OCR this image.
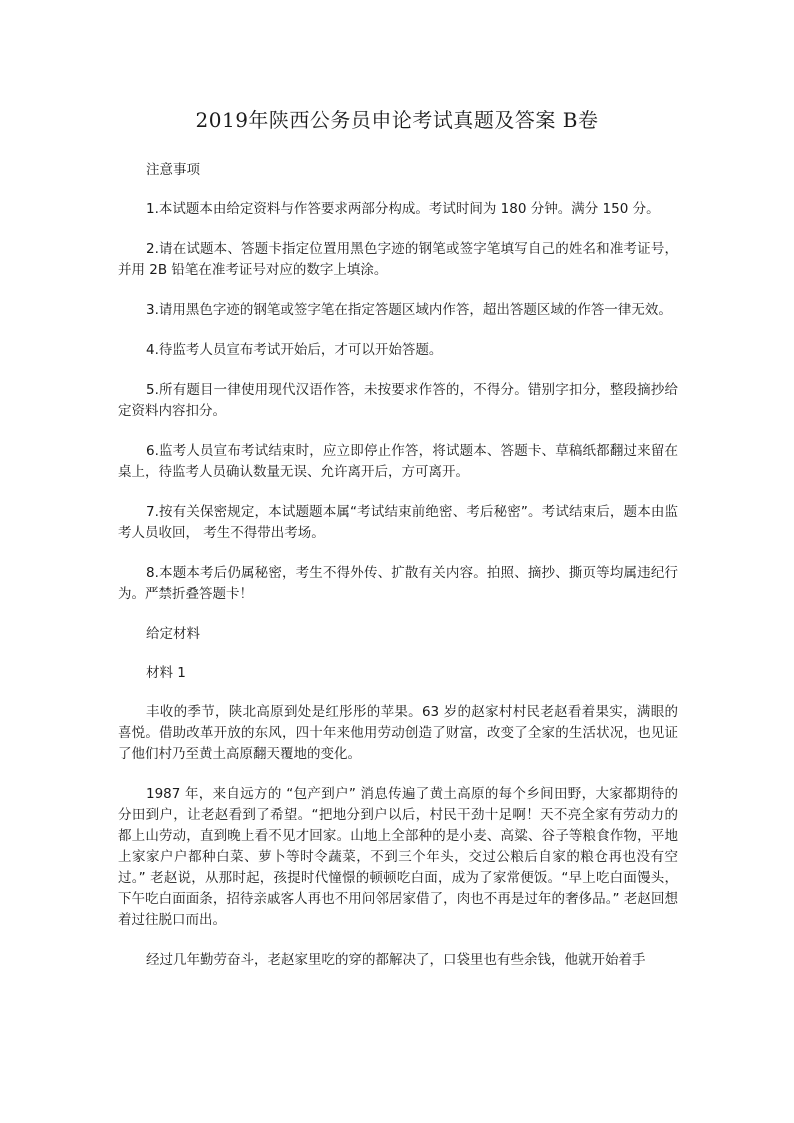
2019年陕西公务员申论考试真题及答案 B卷

注意事项

1.本试题本由给定资料与作答要求两部分构成。考试时间为 180 分钟。满分 150 分。

2.请在试题本、答题卡指定位置用黑色字迹的钢笔或签字笔填写自己的姓名和准考证号，并用 2B 铅笔在准考证号对应的数字上填涂。

3.请用黑色字迹的钢笔或签字笔在指定答题区域内作答，超出答题区域的作答一律无效。

4.待监考人员宣布考试开始后，才可以开始答题。

5.所有题目一律使用现代汉语作答，未按要求作答的，不得分。错别字扣分，整段摘抄给定资料内容扣分。

6.监考人员宣布考试结束时，应立即停止作答，将试题本、答题卡、草稿纸都翻过来留在桌上，待监考人员确认数量无误、允许离开后，方可离开。

7.按有关保密规定，本试题题本属“考试结束前绝密、考后秘密”。考试结束后，题本由监考人员收回， 考生不得带出考场。

8.本题本考后仍属秘密，考生不得外传、扩散有关内容。拍照、摘抄、撕页等均属违纪行为。严禁折叠答题卡！

给定材料

材料 1

丰收的季节，陕北高原到处是红彤彤的苹果。63 岁的赵家村村民老赵看着果实，满眼的喜悦。借助改革开放的东风，四十年来他用劳动创造了财富，改变了全家的生活状况，也见证了他们村乃至黄土高原翻天覆地的变化。

1987 年，来自远方的 “包产到户” 消息传遍了黄土高原的每个乡间田野，大家都期待的分田到户，让老赵看到了希望。“把地分到户以后，村民干劲十足啊！天不亮全家有劳动力的都上山劳动，直到晚上看不见才回家。山地上全部种的是小麦、高粱、谷子等粮食作物，平地上家家户户都种白菜、萝卜等时令蔬菜，不到三个年头，交过公粮后自家的粮仓再也没有空过。” 老赵说，从那时起，孩提时代憧憬的顿顿吃白面，成为了家常便饭。“早上吃白面馒头，下午吃白面面条，招待亲戚客人再也不用问邻居家借了，肉也不再是过年的奢侈品。” 老赵回想着过往脱口而出。

经过几年勤劳奋斗，老赵家里吃的穿的都解决了，口袋里也有些余钱，他就开始着手
